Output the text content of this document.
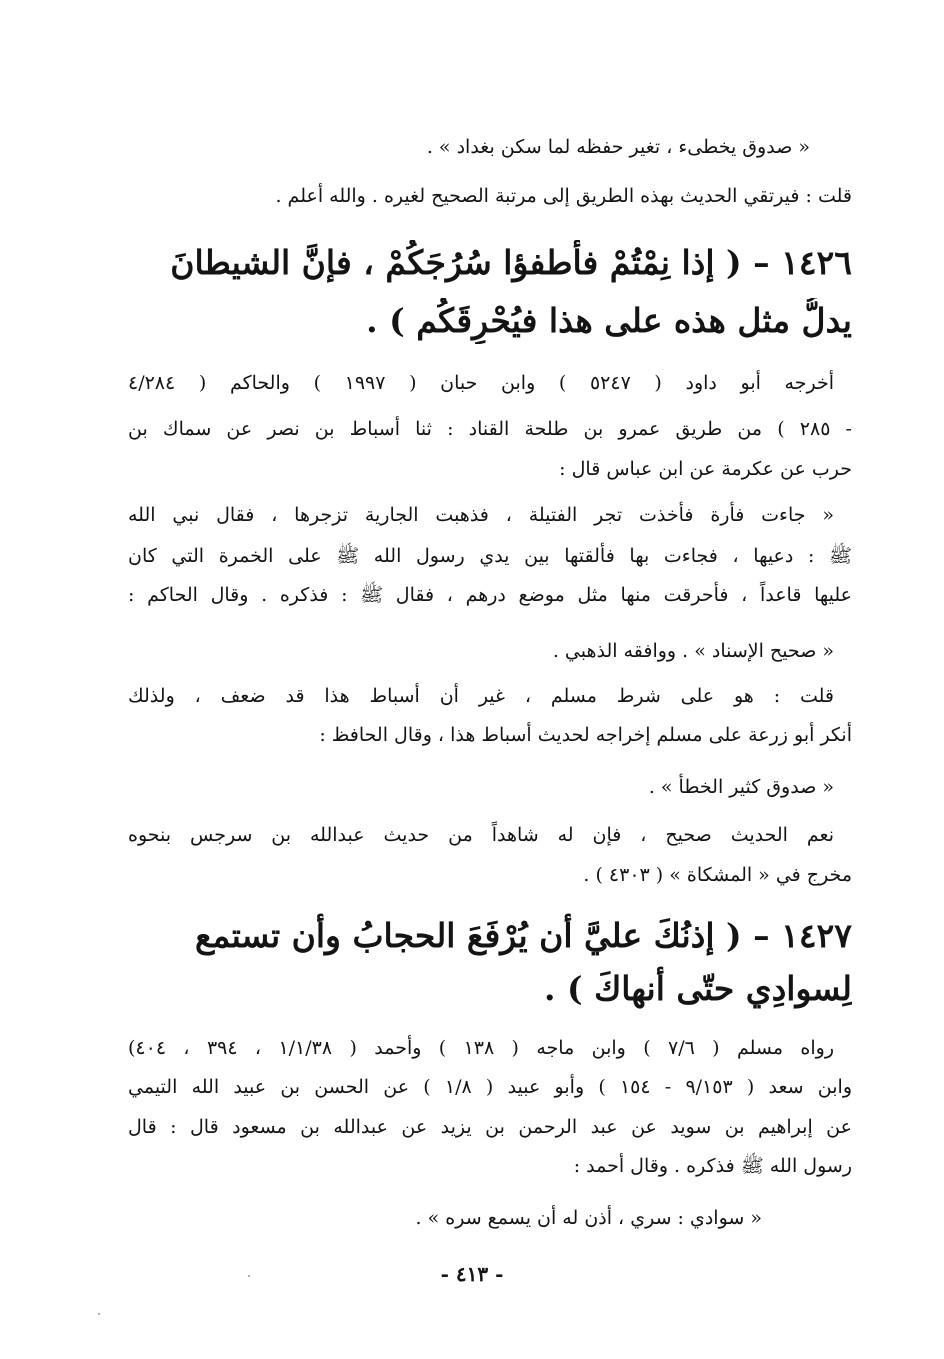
« صدوق يخطىء ، تغير حفظه لما سكن بغداد » .
قلت : فيرتقي الحديث بهذه الطريق إلى مرتبة الصحيح لغيره . والله أعلم .
١٤٢٦ – ( إذا نِمْتُمْ فأطفؤا سُرُجَكُمْ ، فإنَّ الشيطانَ
يدلُّ مثل هذه على هذا فيُحْرِقَكُم ) .
أخرجه أبو داود ( ٥٢٤٧ ) وابن حبان ( ١٩٩٧ ) والحاكم ( ٤/٢٨٤
- ٢٨٥ ) من طريق عمرو بن طلحة القناد : ثنا أسباط بن نصر عن سماك بن
حرب عن عكرمة عن ابن عباس قال :
« جاءت فأرة فأخذت تجر الفتيلة ، فذهبت الجارية تزجرها ، فقال نبي الله
ﷺ : دعيها ، فجاءت بها فألقتها بين يدي رسول الله ﷺ على الخمرة التي كان
عليها قاعداً ، فأحرقت منها مثل موضع درهم ، فقال ﷺ : فذكره . وقال الحاكم :
« صحيح الإسناد » . ووافقه الذهبي .
قلت : هو على شرط مسلم ، غير أن أسباط هذا قد ضعف ، ولذلك
أنكر أبو زرعة على مسلم إخراجه لحديث أسباط هذا ، وقال الحافظ :
« صدوق كثير الخطأ » .
نعم الحديث صحيح ، فإن له شاهداً من حديث عبدالله بن سرجس بنحوه
مخرج في « المشكاة » ( ٤٣٠٣ ) .
١٤٢٧ – ( إذنُكَ عليَّ أن يُرْفَعَ الحجابُ وأن تستمع
لِسوادِي حتّى أنهاكَ ) .
رواه مسلم ( ٧/٦ ) وابن ماجه ( ١٣٨ ) وأحمد ( ١/١/٣٨ ، ٣٩٤ ، ٤٠٤)
وابن سعد ( ٩/١٥٣ - ١٥٤ ) وأبو عبيد ( ١/٨ ) عن الحسن بن عبيد الله التيمي
عن إبراهيم بن سويد عن عبد الرحمن بن يزيد عن عبدالله بن مسعود قال : قال
رسول الله ﷺ فذكره . وقال أحمد :
« سوادي : سري ، أذن له أن يسمع سره » .
- ٤١٣ -
